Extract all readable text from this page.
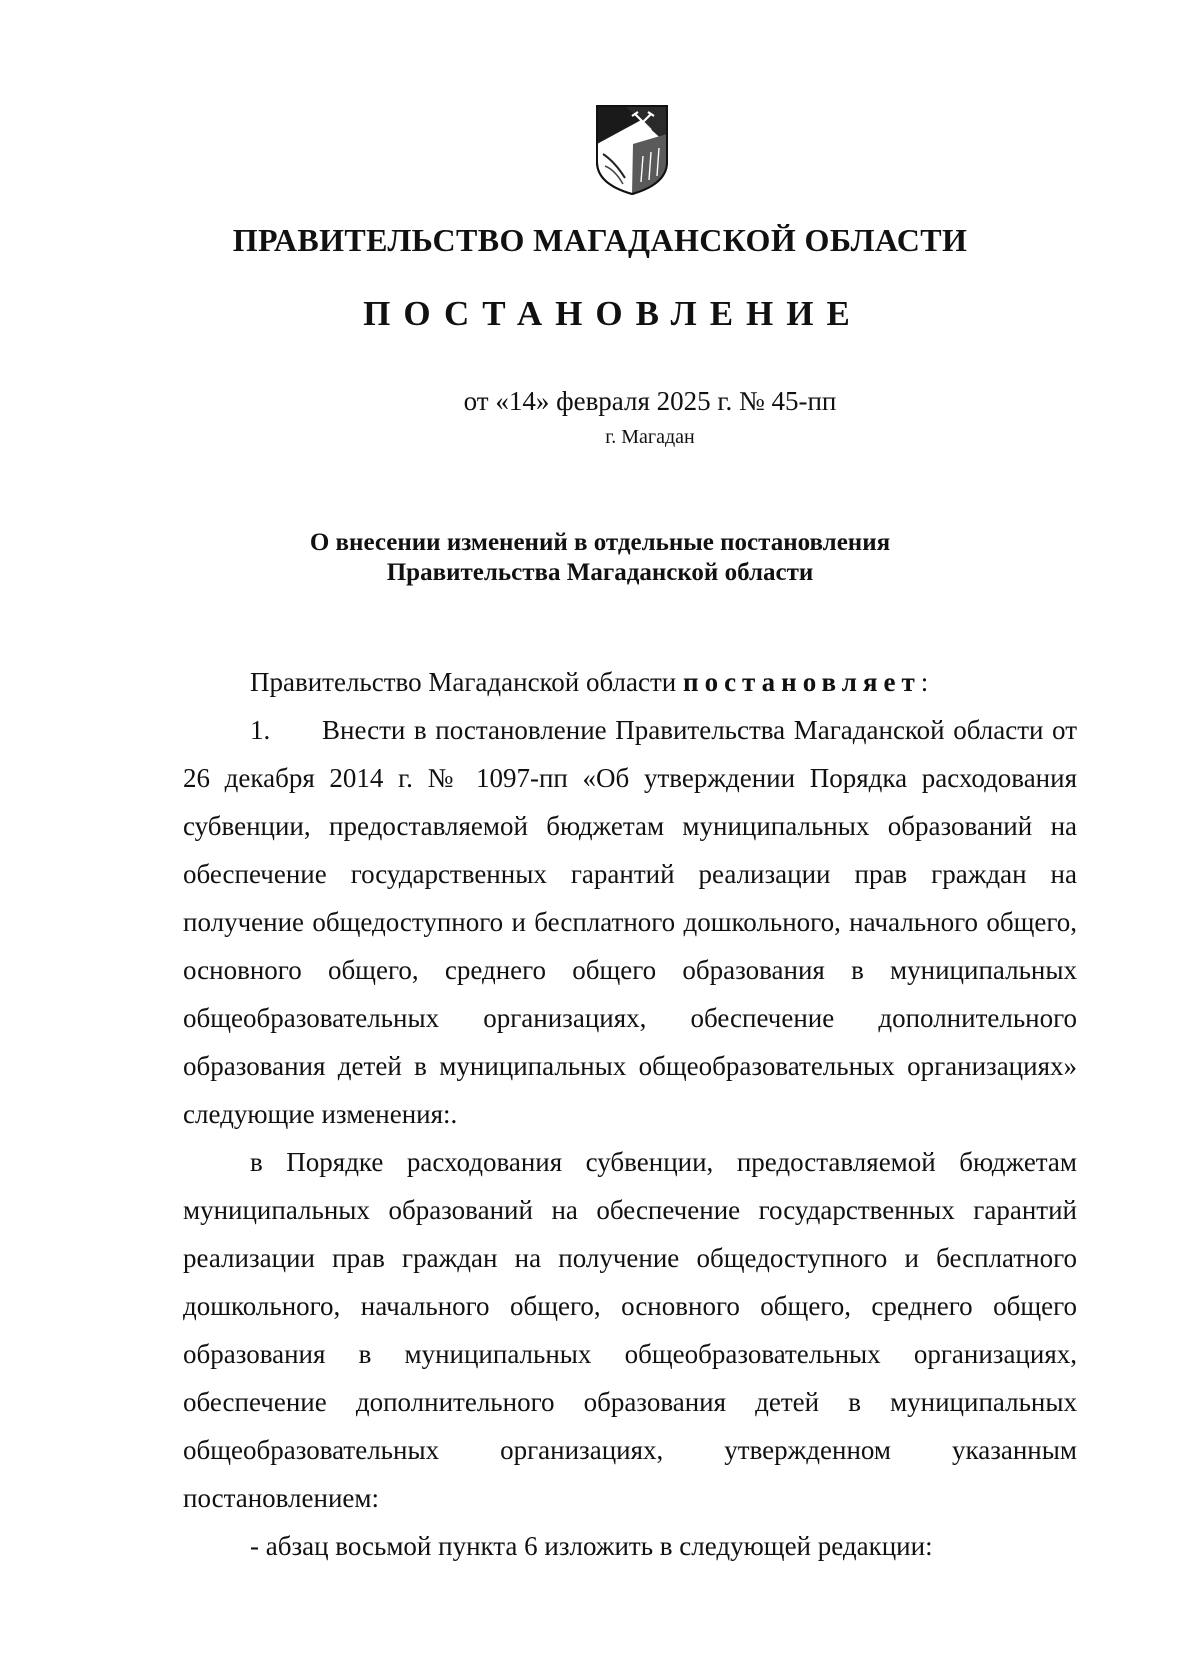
ПРАВИТЕЛЬСТВО МАГАДАНСКОЙ ОБЛАСТИ
ПОСТАНОВЛЕНИЕ
от «14» февраля 2025 г. № 45-пп
г. Магадан
О внесении изменений в отдельные постановления
Правительства Магаданской области

Правительство Магаданской области постановляет:

1. Внести в постановление Правительства Магаданской области от 26 декабря 2014 г. № 1097-пп «Об утверждении Порядка расходования субвенции, предоставляемой бюджетам муниципальных образований на обеспечение государственных гарантий реализации прав граждан на получение общедоступного и бесплатного дошкольного, начального общего, основного общего, среднего общего образования в муниципальных общеобразовательных организациях, обеспечение дополнительного образования детей в муниципальных общеобразовательных организациях» следующие изменения:.

в Порядке расходования субвенции, предоставляемой бюджетам муниципальных образований на обеспечение государственных гарантий реализации прав граждан на получение общедоступного и бесплатного дошкольного, начального общего, основного общего, среднего общего образования в муниципальных общеобразовательных организациях, обеспечение дополнительного образования детей в муниципальных общеобразовательных организациях, утвержденном указанным постановлением:

- абзац восьмой пункта 6 изложить в следующей редакции:
